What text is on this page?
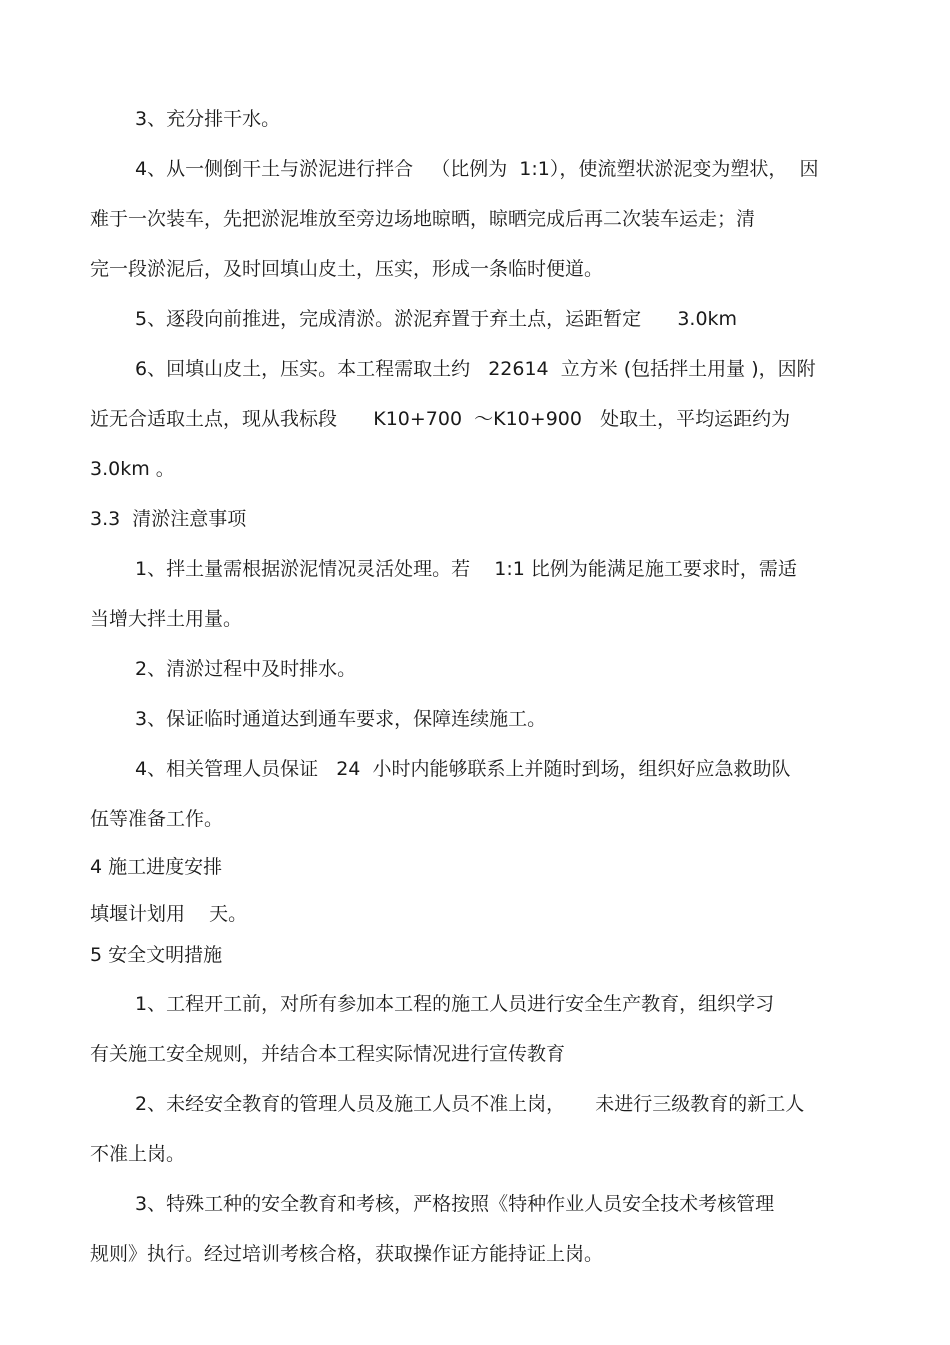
3、充分排干水。
4、从一侧倒干土与淤泥进行拌合   （比例为  1:1），使流塑状淤泥变为塑状，  因
难于一次装车，先把淤泥堆放至旁边场地晾晒，晾晒完成后再二次装车运走；清
完一段淤泥后，及时回填山皮土，压实，形成一条临时便道。
5、逐段向前推进，完成清淤。淤泥弃置于弃土点，运距暂定      3.0km
6、回填山皮土，压实。本工程需取土约   22614  立方米 (包括拌土用量 )，因附
近无合适取土点，现从我标段      K10+700  ～K10+900   处取土，平均运距约为
3.0km 。
3.3  清淤注意事项
1、拌土量需根据淤泥情况灵活处理。若    1:1 比例为能满足施工要求时，需适
当增大拌土用量。
2、清淤过程中及时排水。
3、保证临时通道达到通车要求，保障连续施工。
4、相关管理人员保证   24  小时内能够联系上并随时到场，组织好应急救助队
伍等准备工作。
4 施工进度安排
填堰计划用    天。
5 安全文明措施
1、工程开工前，对所有参加本工程的施工人员进行安全生产教育，组织学习
有关施工安全规则，并结合本工程实际情况进行宣传教育
2、未经安全教育的管理人员及施工人员不准上岗，     未进行三级教育的新工人
不准上岗。
3、特殊工种的安全教育和考核，严格按照《特种作业人员安全技术考核管理
规则》执行。经过培训考核合格，获取操作证方能持证上岗。
